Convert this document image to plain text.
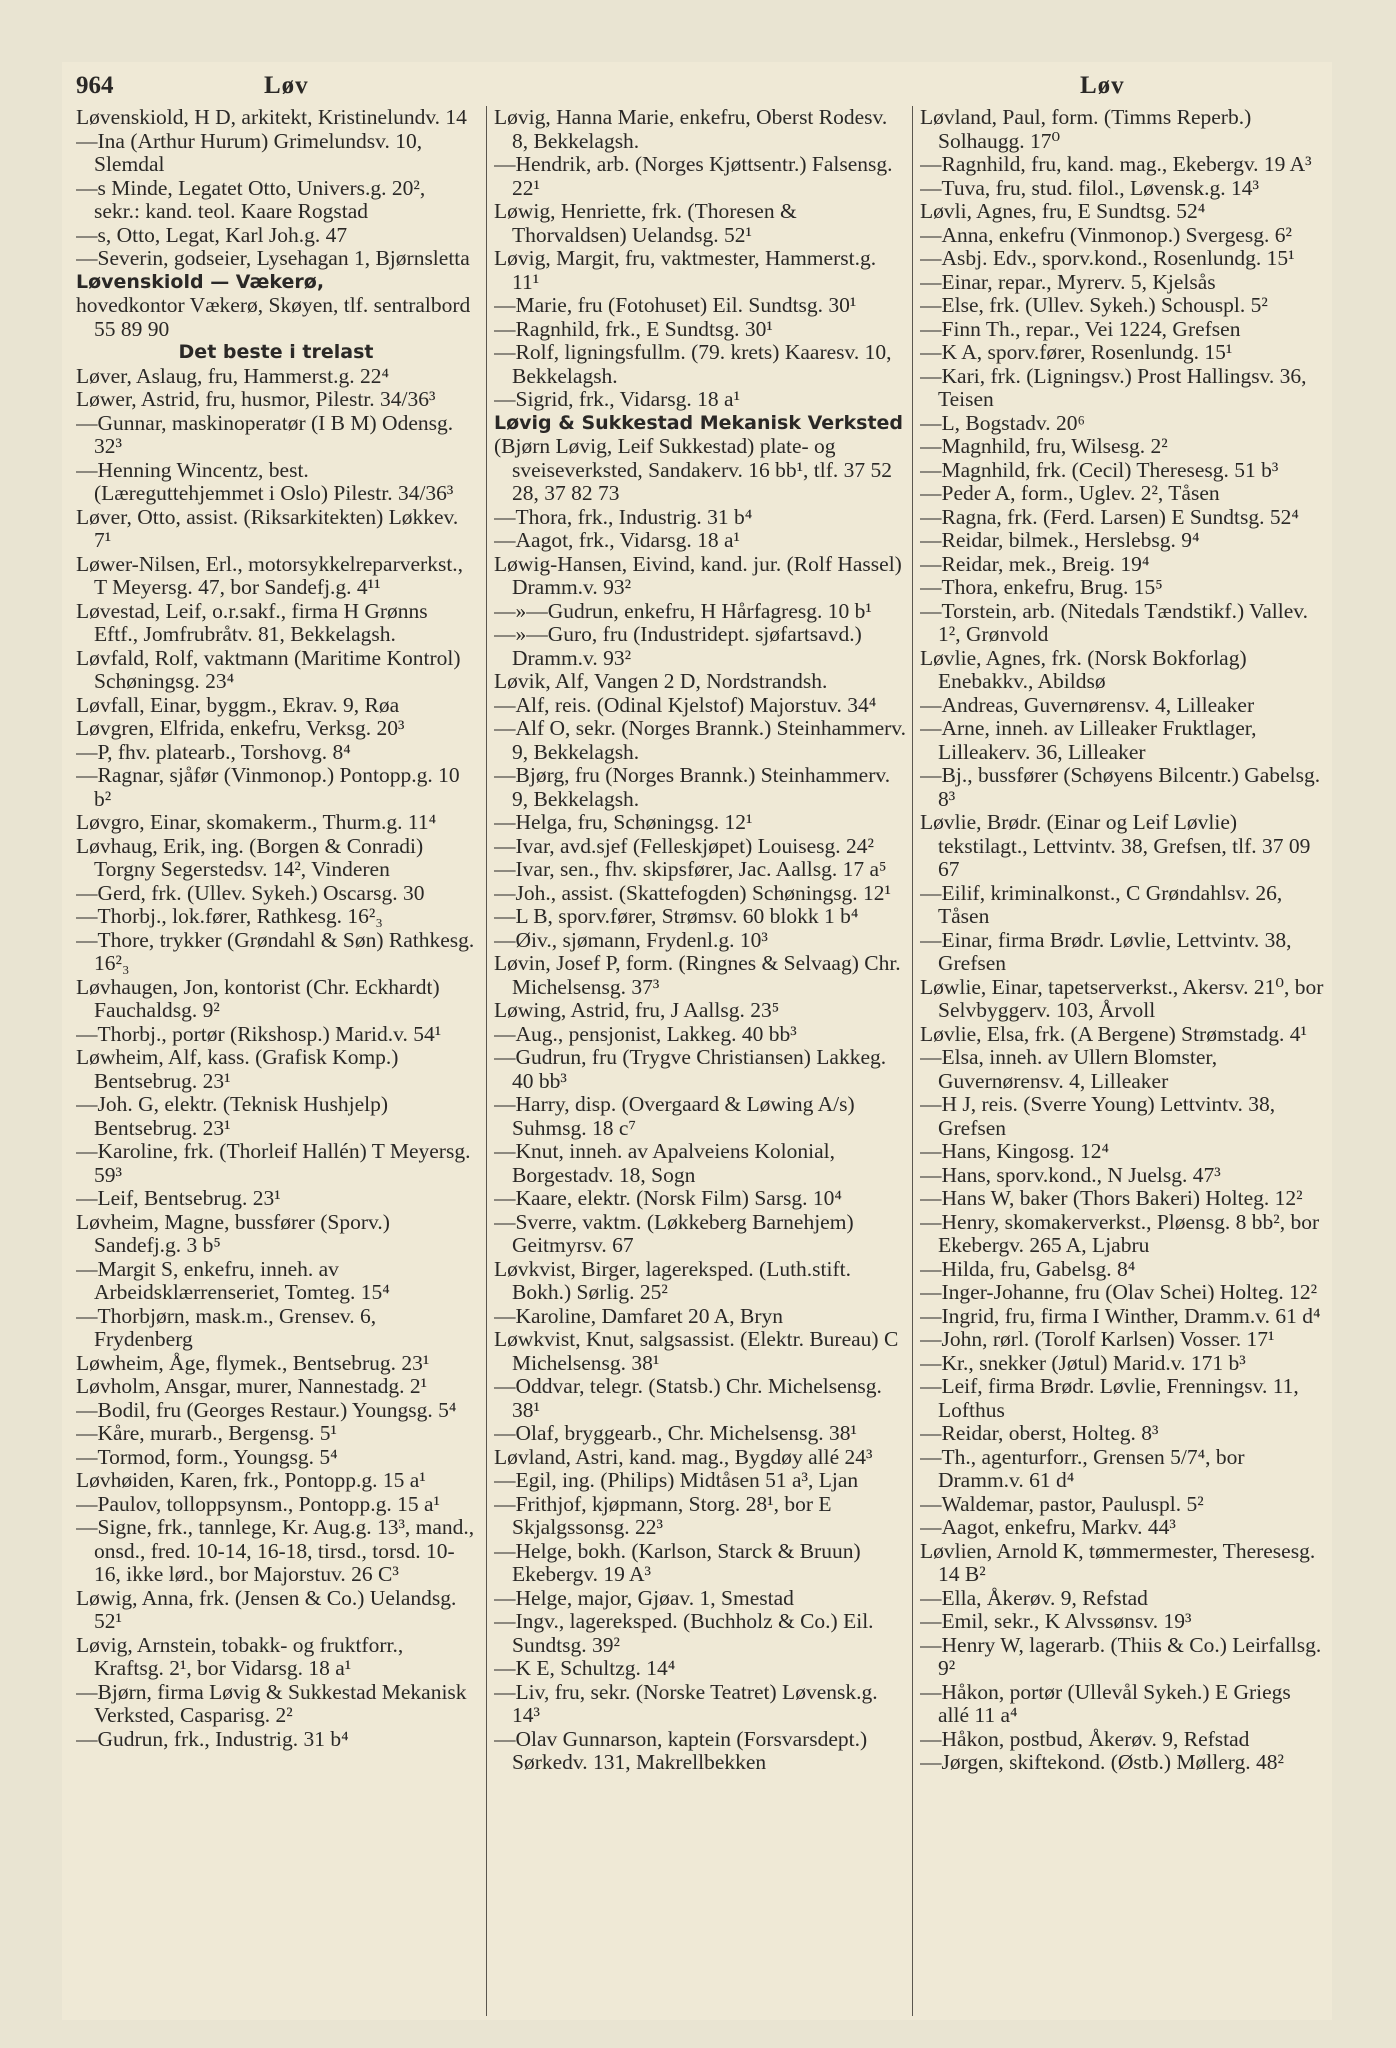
964	Løv	Løv

Løvenskiold, H D, arkitekt, Kristinelundv. 14

—Ina (Arthur Hurum) Grimelundsv. 10, Slemdal

—s Minde, Legatet Otto, Univers.g. 20², sekr.: kand. teol. Kaare Rogstad

—s, Otto, Legat, Karl Joh.g. 47

—Severin, godseier, Lysehagan 1, Bjørnsletta

Løvenskiold — Vækerø,

hovedkontor Vækerø, Skøyen, tlf. sentralbord 55 89 90

Det beste i trelast

Løver, Aslaug, fru, Hammerst.g. 22⁴

Løwer, Astrid, fru, husmor, Pilestr. 34/36³

—Gunnar, maskinoperatør (I B M) Odensg. 32³

—Henning Wincentz, best. (Læreguttehjemmet i Oslo) Pilestr. 34/36³

Løver, Otto, assist. (Riksarkitekten) Løkkev. 7¹

Løwer-Nilsen, Erl., motorsykkelreparverkst., T Meyersg. 47, bor Sandefj.g. 4¹¹

Løvestad, Leif, o.r.sakf., firma H Grønns Eftf., Jomfrubråtv. 81, Bekkelagsh.

Løvfald, Rolf, vaktmann (Maritime Kontrol) Schøningsg. 23⁴

Løvfall, Einar, byggm., Ekrav. 9, Røa

Løvgren, Elfrida, enkefru, Verksg. 20³

—P, fhv. platearb., Torshovg. 8⁴

—Ragnar, sjåfør (Vinmonop.) Pontopp.g. 10 b²

Løvgro, Einar, skomakerm., Thurm.g. 11⁴

Løvhaug, Erik, ing. (Borgen & Conradi) Torgny Segerstedsv. 14², Vinderen

—Gerd, frk. (Ullev. Sykeh.) Oscarsg. 30

—Thorbj., lok.fører, Rathkesg. 16²₃

—Thore, trykker (Grøndahl & Søn) Rathkesg. 16²₃

Løvhaugen, Jon, kontorist (Chr. Eckhardt) Fauchaldsg. 9²

—Thorbj., portør (Rikshosp.) Marid.v. 54¹

Løwheim, Alf, kass. (Grafisk Komp.) Bentsebrug. 23¹

—Joh. G, elektr. (Teknisk Hushjelp) Bentsebrug. 23¹

—Karoline, frk. (Thorleif Hallén) T Meyersg. 59³

—Leif, Bentsebrug. 23¹

Løvheim, Magne, bussfører (Sporv.) Sandefj.g. 3 b⁵

—Margit S, enkefru, inneh. av Arbeidsklærrenseriet, Tomteg. 15⁴

—Thorbjørn, mask.m., Grensev. 6, Frydenberg

Løwheim, Åge, flymek., Bentsebrug. 23¹

Løvholm, Ansgar, murer, Nannestadg. 2¹

—Bodil, fru (Georges Restaur.) Youngsg. 5⁴

—Kåre, murarb., Bergensg. 5¹

—Tormod, form., Youngsg. 5⁴

Løvhøiden, Karen, frk., Pontopp.g. 15 a¹

—Paulov, tolloppsynsm., Pontopp.g. 15 a¹

—Signe, frk., tannlege, Kr. Aug.g. 13³, mand., onsd., fred. 10-14, 16-18, tirsd., torsd. 10-16, ikke lørd., bor Majorstuv. 26 C³

Løwig, Anna, frk. (Jensen & Co.) Uelandsg. 52¹

Løvig, Arnstein, tobakk- og fruktforr., Kraftsg. 2¹, bor Vidarsg. 18 a¹

—Bjørn, firma Løvig & Sukkestad Mekanisk Verksted, Casparisg. 2²

—Gudrun, frk., Industrig. 31 b⁴

Løvig, Hanna Marie, enkefru, Oberst Rodesv. 8, Bekkelagsh.

—Hendrik, arb. (Norges Kjøttsentr.) Falsensg. 22¹

Løwig, Henriette, frk. (Thoresen & Thorvaldsen) Uelandsg. 52¹

Løvig, Margit, fru, vaktmester, Hammerst.g. 11¹

—Marie, fru (Fotohuset) Eil. Sundtsg. 30¹

—Ragnhild, frk., E Sundtsg. 30¹

—Rolf, ligningsfullm. (79. krets) Kaaresv. 10, Bekkelagsh.

—Sigrid, frk., Vidarsg. 18 a¹

Løvig & Sukkestad Mekanisk Verksted

(Bjørn Løvig, Leif Sukkestad) plate- og sveiseverksted, Sandakerv. 16 bb¹, tlf. 37 52 28, 37 82 73

—Thora, frk., Industrig. 31 b⁴

—Aagot, frk., Vidarsg. 18 a¹

Løwig-Hansen, Eivind, kand. jur. (Rolf Hassel) Dramm.v. 93²

—»—Gudrun, enkefru, H Hårfagresg. 10 b¹

—»—Guro, fru (Industridept. sjøfartsavd.) Dramm.v. 93²

Løvik, Alf, Vangen 2 D, Nordstrandsh.

—Alf, reis. (Odinal Kjelstof) Majorstuv. 34⁴

—Alf O, sekr. (Norges Brannk.) Steinhammerv. 9, Bekkelagsh.

—Bjørg, fru (Norges Brannk.) Steinhammerv. 9, Bekkelagsh.

—Helga, fru, Schøningsg. 12¹

—Ivar, avd.sjef (Felleskjøpet) Louisesg. 24²

—Ivar, sen., fhv. skipsfører, Jac. Aallsg. 17 a⁵

—Joh., assist. (Skattefogden) Schøningsg. 12¹

—L B, sporv.fører, Strømsv. 60 blokk 1 b⁴

—Øiv., sjømann, Frydenl.g. 10³

Løvin, Josef P, form. (Ringnes & Selvaag) Chr. Michelsensg. 37³

Løwing, Astrid, fru, J Aallsg. 23⁵

—Aug., pensjonist, Lakkeg. 40 bb³

—Gudrun, fru (Trygve Christiansen) Lakkeg. 40 bb³

—Harry, disp. (Overgaard & Løwing A/s) Suhmsg. 18 c⁷

—Knut, inneh. av Apalveiens Kolonial, Borgestadv. 18, Sogn

—Kaare, elektr. (Norsk Film) Sarsg. 10⁴

—Sverre, vaktm. (Løkkeberg Barnehjem) Geitmyrsv. 67

Løvkvist, Birger, lagereksped. (Luth.stift. Bokh.) Sørlig. 25²

—Karoline, Damfaret 20 A, Bryn

Løwkvist, Knut, salgsassist. (Elektr. Bureau) C Michelsensg. 38¹

—Oddvar, telegr. (Statsb.) Chr. Michelsensg. 38¹

—Olaf, bryggearb., Chr. Michelsensg. 38¹

Løvland, Astri, kand. mag., Bygdøy allé 24³

—Egil, ing. (Philips) Midtåsen 51 a³, Ljan

—Frithjof, kjøpmann, Storg. 28¹, bor E Skjalgssonsg. 22³

—Helge, bokh. (Karlson, Starck & Bruun) Ekebergv. 19 A³

—Helge, major, Gjøav. 1, Smestad

—Ingv., lagereksped. (Buchholz & Co.) Eil. Sundtsg. 39²

—K E, Schultzg. 14⁴

—Liv, fru, sekr. (Norske Teatret) Løvensk.g. 14³

—Olav Gunnarson, kaptein (Forsvarsdept.) Sørkedv. 131, Makrellbekken

Løvland, Paul, form. (Timms Reperb.) Solhaugg. 17⁰

—Ragnhild, fru, kand. mag., Ekebergv. 19 A³

—Tuva, fru, stud. filol., Løvensk.g. 14³

Løvli, Agnes, fru, E Sundtsg. 52⁴

—Anna, enkefru (Vinmonop.) Svergesg. 6²

—Asbj. Edv., sporv.kond., Rosenlundg. 15¹

—Einar, repar., Myrerv. 5, Kjelsås

—Else, frk. (Ullev. Sykeh.) Schouspl. 5²

—Finn Th., repar., Vei 1224, Grefsen

—K A, sporv.fører, Rosenlundg. 15¹

—Kari, frk. (Ligningsv.) Prost Hallingsv. 36, Teisen

—L, Bogstadv. 20⁶

—Magnhild, fru, Wilsesg. 2²

—Magnhild, frk. (Cecil) Theresesg. 51 b³

—Peder A, form., Uglev. 2², Tåsen

—Ragna, frk. (Ferd. Larsen) E Sundtsg. 52⁴

—Reidar, bilmek., Herslebsg. 9⁴

—Reidar, mek., Breig. 19⁴

—Thora, enkefru, Brug. 15⁵

—Torstein, arb. (Nitedals Tændstikf.) Vallev. 1², Grønvold

Løvlie, Agnes, frk. (Norsk Bokforlag) Enebakkv., Abildsø

—Andreas, Guvernørensv. 4, Lilleaker

—Arne, inneh. av Lilleaker Fruktlager, Lilleakerv. 36, Lilleaker

—Bj., bussfører (Schøyens Bilcentr.) Gabelsg. 8³

Løvlie, Brødr. (Einar og Leif Løvlie) tekstilagt., Lettvintv. 38, Grefsen, tlf. 37 09 67

—Eilif, kriminalkonst., C Grøndahlsv. 26, Tåsen

—Einar, firma Brødr. Løvlie, Lettvintv. 38, Grefsen

Løwlie, Einar, tapetserverkst., Akersv. 21⁰, bor Selvbyggerv. 103, Årvoll

Løvlie, Elsa, frk. (A Bergene) Strømstadg. 4¹

—Elsa, inneh. av Ullern Blomster, Guvernørensv. 4, Lilleaker

—H J, reis. (Sverre Young) Lettvintv. 38, Grefsen

—Hans, Kingosg. 12⁴

—Hans, sporv.kond., N Juelsg. 47³

—Hans W, baker (Thors Bakeri) Holteg. 12²

—Henry, skomakerverkst., Pløensg. 8 bb², bor Ekebergv. 265 A, Ljabru

—Hilda, fru, Gabelsg. 8⁴

—Inger-Johanne, fru (Olav Schei) Holteg. 12²

—Ingrid, fru, firma I Winther, Dramm.v. 61 d⁴

—John, rørl. (Torolf Karlsen) Vossег. 17¹

—Kr., snekker (Jøtul) Marid.v. 171 b³

—Leif, firma Brødr. Løvlie, Frenningsv. 11, Lofthus

—Reidar, oberst, Holteg. 8³

—Th., agenturforr., Grensen 5/7⁴, bor Dramm.v. 61 d⁴

—Waldemar, pastor, Pauluspl. 5²

—Aagot, enkefru, Markv. 44³

Løvlien, Arnold K, tømmermester, Theresesg. 14 B²

—Ella, Åkerøv. 9, Refstad

—Emil, sekr., K Alvssønsv. 19³

—Henry W, lagerarb. (Thiis & Co.) Leirfallsg. 9²

—Håkon, portør (Ullevål Sykeh.) E Griegs allé 11 a⁴

—Håkon, postbud, Åkerøv. 9, Refstad

—Jørgen, skiftekond. (Østb.) Møllerg. 48²
